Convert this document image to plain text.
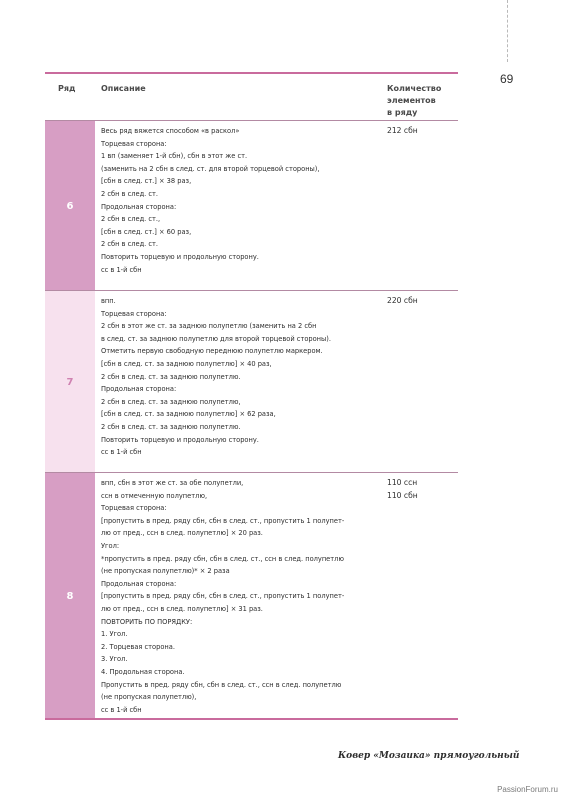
69
Ряд	Описание	Количество
элементов
в ряду
6
Весь ряд вяжется способом «в раскол»
Торцевая сторона:
1 вп (заменяет 1-й сбн), сбн в этот же ст.
(заменить на 2 сбн в след. ст. для второй торцевой стороны),
[сбн в след. ст.] × 38 раз,
2 сбн в след. ст.
Продольная сторона:
2 сбн в след. ст.,
[сбн в след. ст.] × 60 раз,
2 сбн в след. ст.
Повторить торцевую и продольную сторону.
сс в 1-й сбн
212 сбн
7
впп.
Торцевая сторона:
2 сбн в этот же ст. за заднюю полупетлю (заменить на 2 сбн
в след. ст. за заднюю полупетлю для второй торцевой стороны).
Отметить первую свободную переднюю полупетлю маркером.
[сбн в след. ст. за заднюю полупетлю] × 40 раз,
2 сбн в след. ст. за заднюю полупетлю.
Продольная сторона:
2 сбн в след. ст. за заднюю полупетлю,
[сбн в след. ст. за заднюю полупетлю] × 62 раза,
2 сбн в след. ст. за заднюю полупетлю.
Повторить торцевую и продольную сторону.
сс в 1-й сбн
220 сбн
8
впп, сбн в этот же ст. за обе полупетли,
ссн в отмеченную полупетлю,
Торцевая сторона:
[пропустить в пред. ряду сбн, сбн в след. ст., пропустить 1 полупет-
лю от пред., ссн в след. полупетлю] × 20 раз.
Угол:
*пропустить в пред. ряду сбн, сбн в след. ст., ссн в след. полупетлю
(не пропуская полупетлю)* × 2 раза
Продольная сторона:
[пропустить в пред. ряду сбн, сбн в след. ст., пропустить 1 полупет-
лю от пред., ссн в след. полупетлю] × 31 раз.
ПОВТОРИТЬ ПО ПОРЯДКУ:
1. Угол.
2. Торцевая сторона.
3. Угол.
4. Продольная сторона.
Пропустить в пред. ряду сбн, сбн в след. ст., ссн в след. полупетлю
(не пропуская полупетлю),
сс в 1-й сбн
110 ссн
110 сбн
Ковер «Мозаика» прямоугольный
PassionForum.ru
